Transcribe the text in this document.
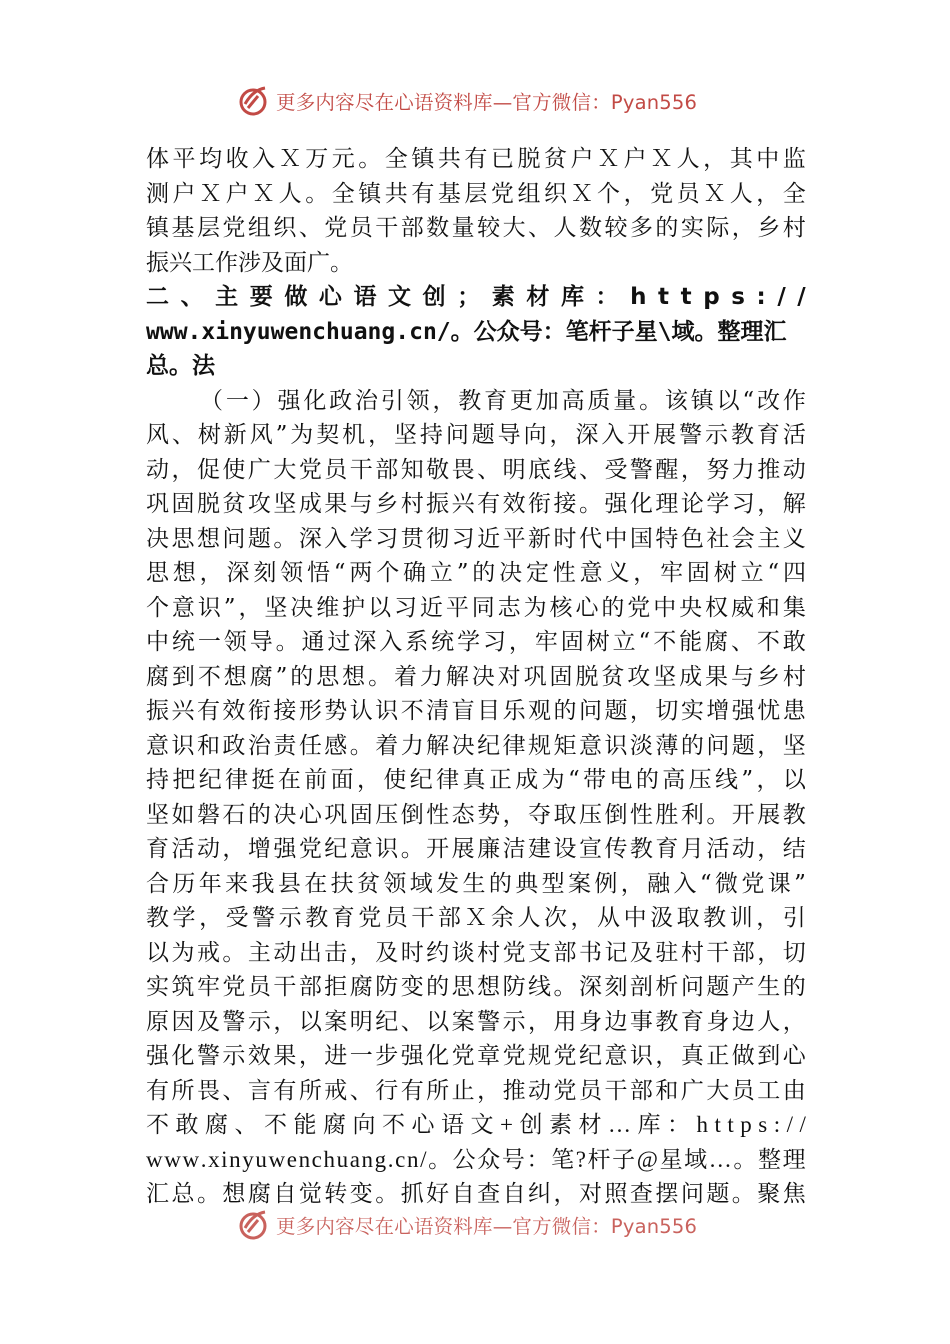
更多内容尽在心语资料库—官方微信：Pyan556
体 平 均 收 入 Ｘ 万 元 。 全 镇 共 有 已 脱 贫 户 Ｘ 户 Ｘ 人 ， 其 中 监
测 户 Ｘ 户 Ｘ 人 。 全 镇 共 有 基 层 党 组 织 Ｘ 个 ， 党 员 Ｘ 人 ， 全
镇 基 层 党 组 织 、 党 员 干 部 数 量 较 大 、 人 数 较 多 的 实 际 ， 乡 村
振兴工作涉及面广。
二 、 主 要 做 心 语 文 创 ； 素 材 库 ： h t t p s : / /
www.xinyuwenchuang.cn/。公众号：笔杆子星\域。整理汇
总。法
（ 一 ） 强 化 政 治 引 领 ， 教 育 更 加 高 质 量 。 该 镇 以 “ 改 作
风 、 树 新 风 ” 为 契 机 ， 坚 持 问 题 导 向 ， 深 入 开 展 警 示 教 育 活
动 ， 促 使 广 大 党 员 干 部 知 敬 畏 、 明 底 线 、 受 警 醒 ， 努 力 推 动
巩 固 脱 贫 攻 坚 成 果 与 乡 村 振 兴 有 效 衔 接 。 强 化 理 论 学 习 ， 解
决 思 想 问 题 。 深 入 学 习 贯 彻 习 近 平 新 时 代 中 国 特 色 社 会 主 义
思 想 ， 深 刻 领 悟 “ 两 个 确 立 ” 的 决 定 性 意 义 ， 牢 固 树 立 “ 四
个 意 识 ” ， 坚 决 维 护 以 习 近 平 同 志 为 核 心 的 党 中 央 权 威 和 集
中 统 一 领 导 。 通 过 深 入 系 统 学 习 ， 牢 固 树 立 “ 不 能 腐 、 不 敢
腐 到 不 想 腐 ” 的 思 想 。 着 力 解 决 对 巩 固 脱 贫 攻 坚 成 果 与 乡 村
振 兴 有 效 衔 接 形 势 认 识 不 清 盲 目 乐 观 的 问 题 ， 切 实 增 强 忧 患
意 识 和 政 治 责 任 感 。 着 力 解 决 纪 律 规 矩 意 识 淡 薄 的 问 题 ， 坚
持 把 纪 律 挺 在 前 面 ， 使 纪 律 真 正 成 为 “ 带 电 的 高 压 线 ” ， 以
坚 如 磐 石 的 决 心 巩 固 压 倒 性 态 势 ， 夺 取 压 倒 性 胜 利 。 开 展 教
育 活 动 ， 增 强 党 纪 意 识 。 开 展 廉 洁 建 设 宣 传 教 育 月 活 动 ， 结
合 历 年 来 我 县 在 扶 贫 领 域 发 生 的 典 型 案 例 ， 融 入 “ 微 党 课 ”
教 学 ， 受 警 示 教 育 党 员 干 部 Ｘ 余 人 次 ， 从 中 汲 取 教 训 ， 引
以 为 戒 。 主 动 出 击 ， 及 时 约 谈 村 党 支 部 书 记 及 驻 村 干 部 ， 切
实 筑 牢 党 员 干 部 拒 腐 防 变 的 思 想 防 线 。 深 刻 剖 析 问 题 产 生 的
原 因 及 警 示 ， 以 案 明 纪 、 以 案 警 示 ， 用 身 边 事 教 育 身 边 人 ，
强 化 警 示 效 果 ， 进 一 步 强 化 党 章 党 规 党 纪 意 识 ， 真 正 做 到 心
有 所 畏 、 言 有 所 戒 、 行 有 所 止 ， 推 动 党 员 干 部 和 广 大 员 工 由
不 敢 腐 、 不 能 腐 向 不 心 语 文 + 创 素 材 … 库 ： h t t p s : / /
w w w . x i n y u w e n c h u a n g . c n / 。 公 众 号 ： 笔 ? 杆 子 @ 星 域 … 。 整 理
汇 总 。 想 腐 自 觉 转 变 。 抓 好 自 查 自 纠 ， 对 照 查 摆 问 题 。 聚 焦
更多内容尽在心语资料库—官方微信：Pyan556
